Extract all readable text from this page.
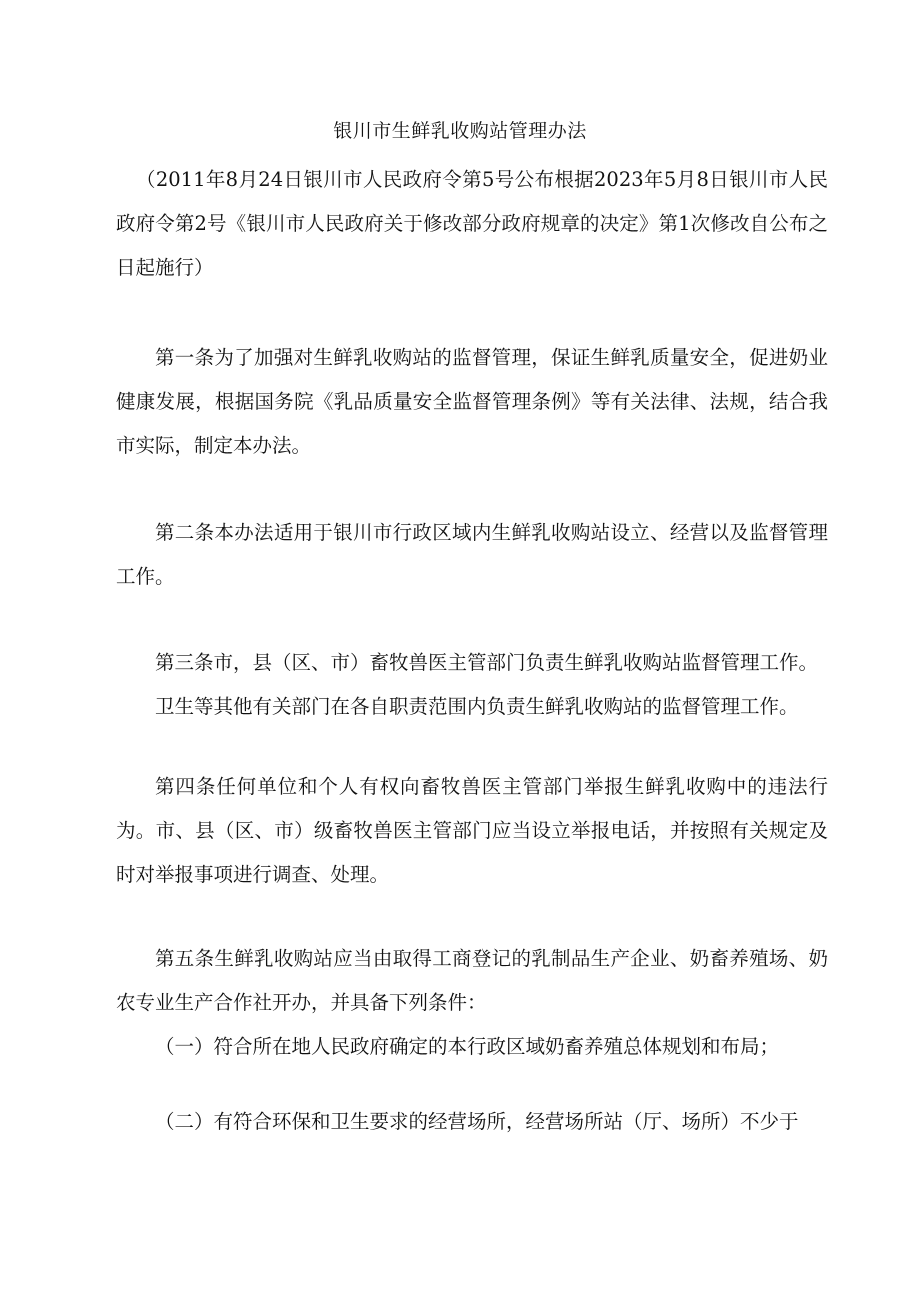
银川市生鲜乳收购站管理办法
（2011年8月24日银川市人民政府令第5号公布根据2023年5月8日银川市人民政府令第2号《银川市人民政府关于修改部分政府规章的决定》第1次修改自公布之日起施行）
第一条为了加强对生鲜乳收购站的监督管理，保证生鲜乳质量安全，促进奶业健康发展，根据国务院《乳品质量安全监督管理条例》等有关法律、法规，结合我市实际，制定本办法。
第二条本办法适用于银川市行政区域内生鲜乳收购站设立、经营以及监督管理工作。
第三条市，县（区、市）畜牧兽医主管部门负责生鲜乳收购站监督管理工作。
卫生等其他有关部门在各自职责范围内负责生鲜乳收购站的监督管理工作。
第四条任何单位和个人有权向畜牧兽医主管部门举报生鲜乳收购中的违法行为。市、县（区、市）级畜牧兽医主管部门应当设立举报电话，并按照有关规定及时对举报事项进行调查、处理。
第五条生鲜乳收购站应当由取得工商登记的乳制品生产企业、奶畜养殖场、奶农专业生产合作社开办，并具备下列条件：
（一）符合所在地人民政府确定的本行政区域奶畜养殖总体规划和布局；
（二）有符合环保和卫生要求的经营场所，经营场所站（厅、场所）不少于
